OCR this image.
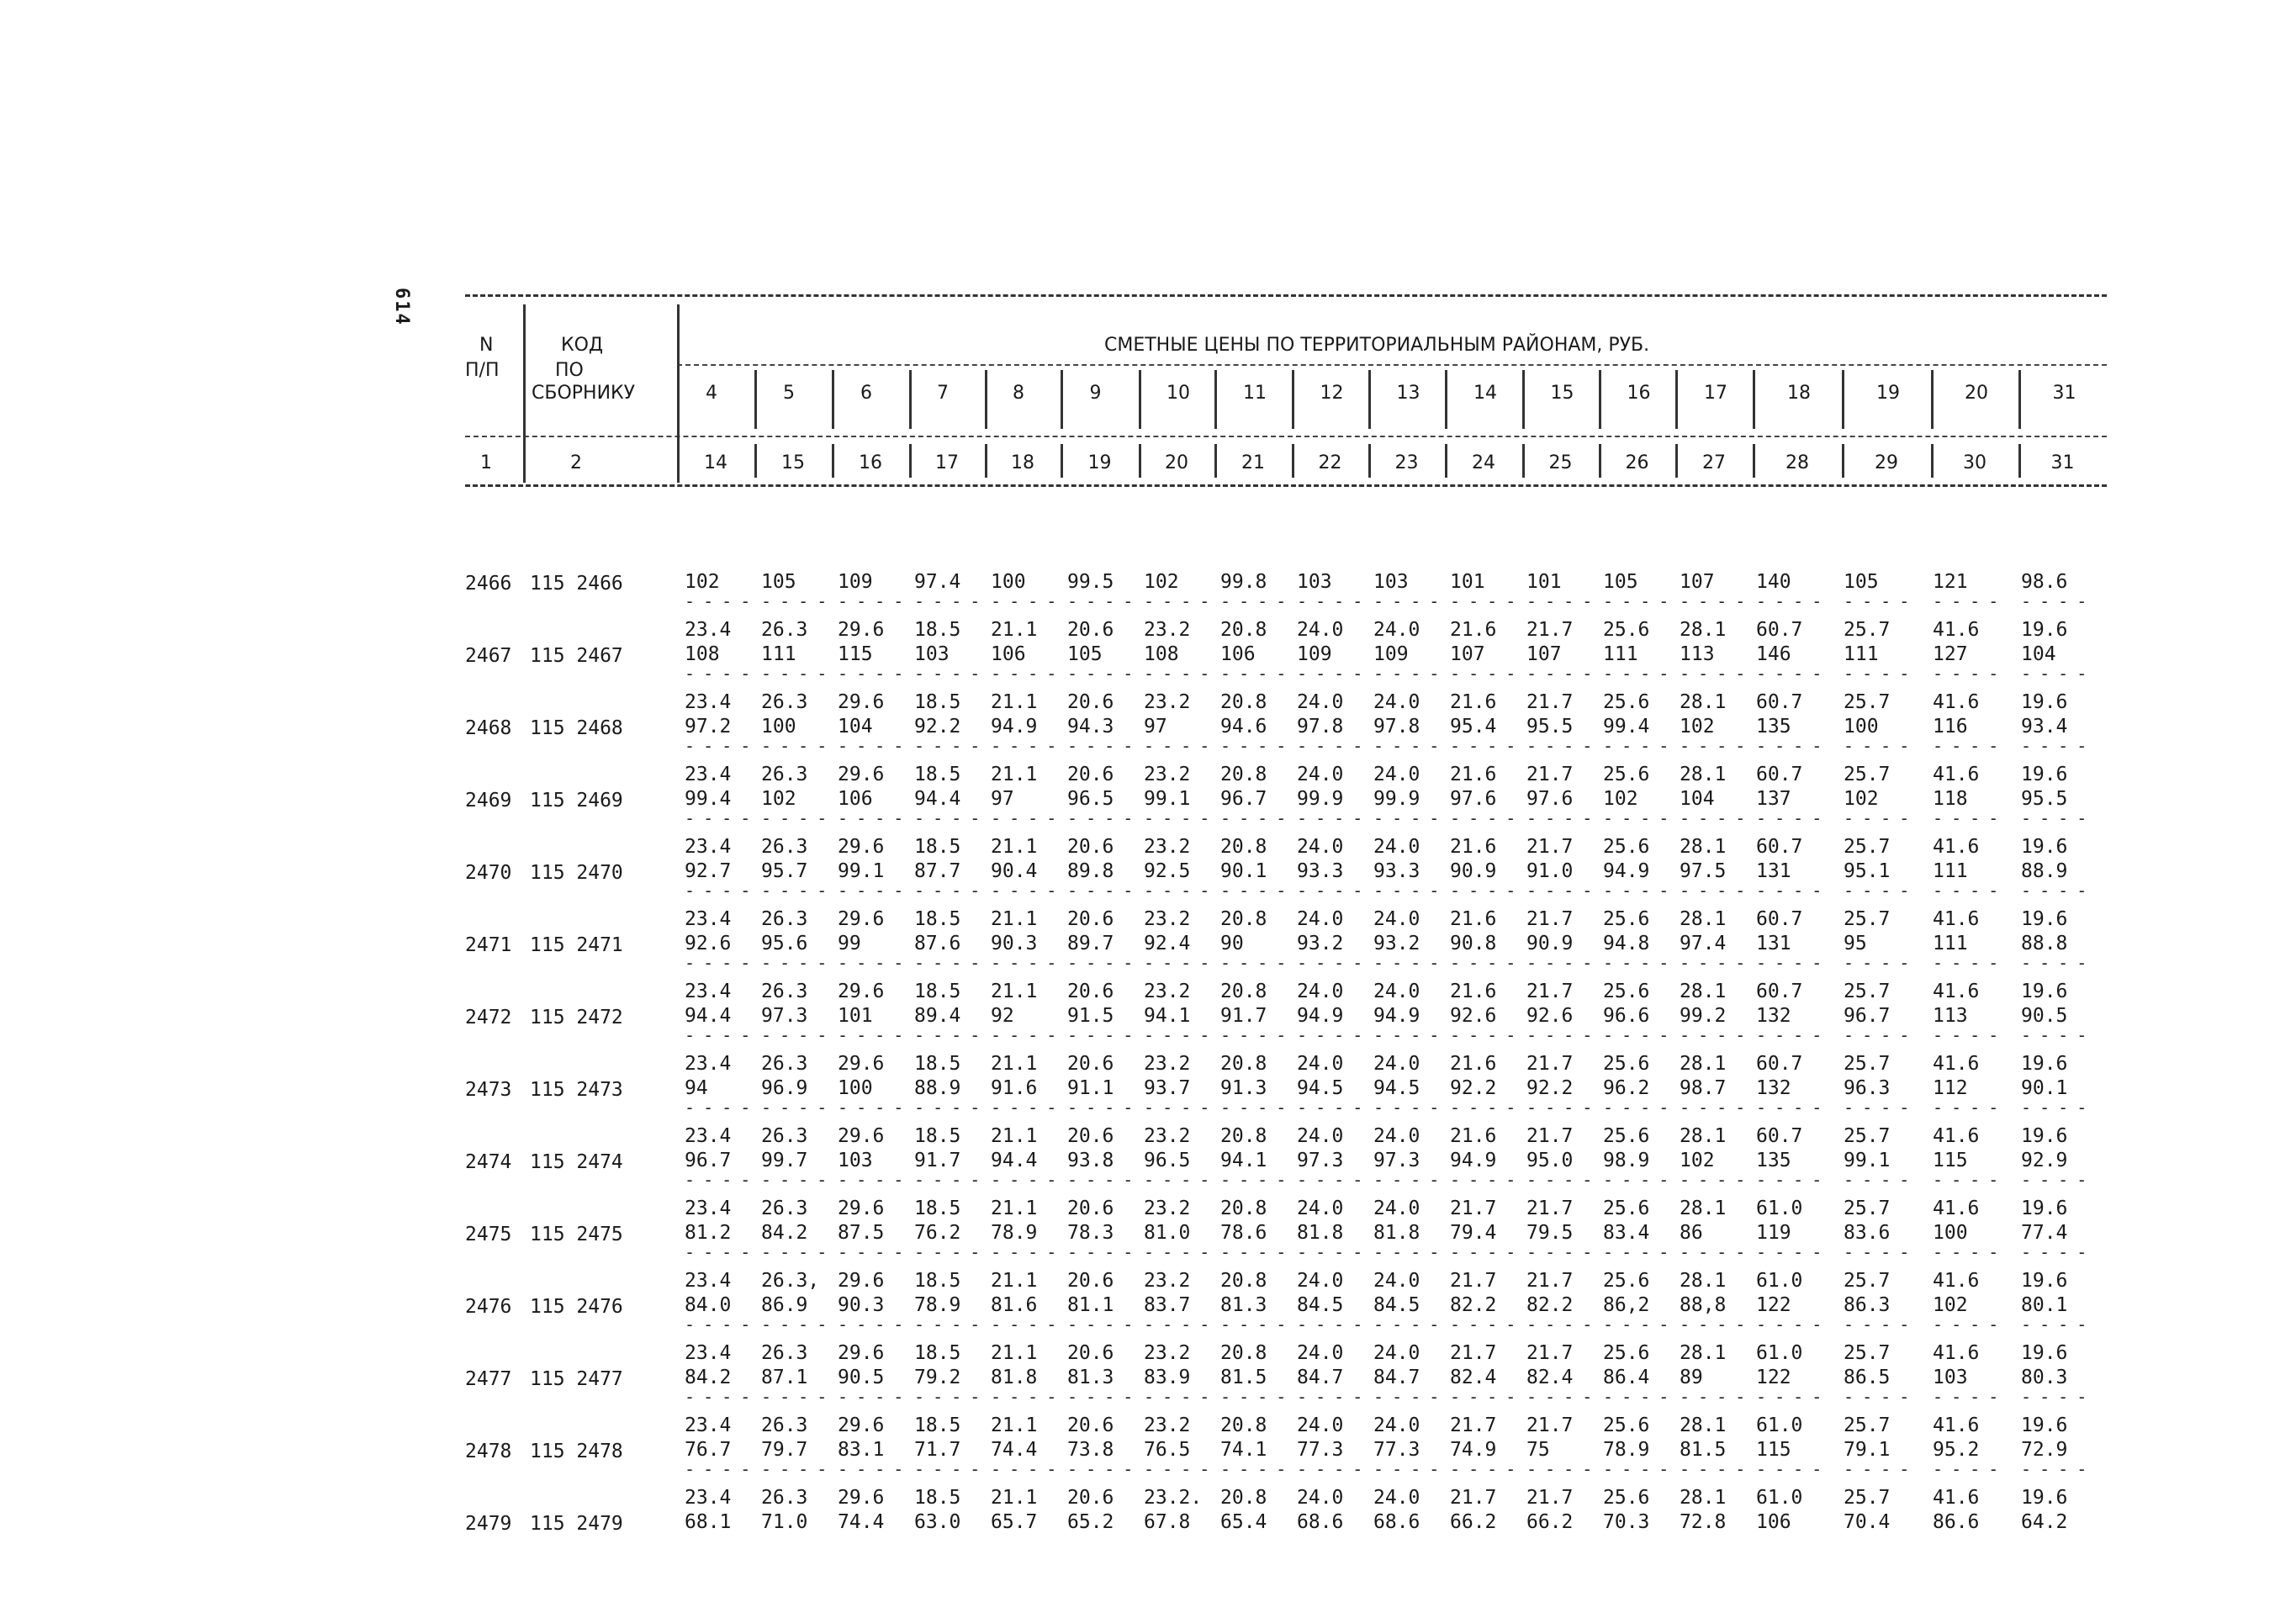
614
N
П/П
КОД
ПО
СБОРНИКУ
СМЕТНЫЕ ЦЕНЫ ПО ТЕРРИТОРИАЛЬНЫМ РАЙОНАМ, РУБ.
4	5	6	7	8	9	10	11	12	13	14	15	16	17	18	19	20	31
1	2	14	15	16	17	18	19	20	21	22	23	24	25	26	27	28	29	30	31
102 105 109 97.4 100 99.5 102 99.8 103 103 101 101 105 107 140	105	121	98.6
2466 115 2466
- - - - - - - - - - - - - - - - - - - - - - - - - - - - - - - - - - - - - - - - - - - - - - - - - - - - - - - - - - - - - - - - - - - - - - - -
23.4 26.3 29.6 18.5 21.1 20.6 23.2 20.8 24.0 24.0 21.6 21.7 25.6 28.1 60.7 25.7 41.6 19.6
108 111 115 103 106 105 108 106 109 109 107 107 111 113 146	111	127	104
2467 115 2467
- - - - - - - - - - - - - - - - - - - - - - - - - - - - - - - - - - - - - - - - - - - - - - - - - - - - - - - - - - - - - - - - - - - - - - - -
23.4 26.3 29.6 18.5 21.1 20.6 23.2 20.8 24.0 24.0 21.6 21.7 25.6 28.1 60.7 25.7 41.6 19.6
97.2 100 104 92.2 94.9 94.3 97	94.6 97.8 97.8 95.4 95.5 99.4 102 135	100	116	93.4
2468 115 2468
- - - - - - - - - - - - - - - - - - - - - - - - - - - - - - - - - - - - - - - - - - - - - - - - - - - - - - - - - - - - - - - - - - - - - - - -
23.4 26.3 29.6 18.5 21.1 20.6 23.2 20.8 24.0 24.0 21.6 21.7 25.6 28.1 60.7 25.7 41.6 19.6
99.4 102 106 94.4 97	96.5 99.1 96.7 99.9 99.9 97.6 97.6 102 104 137	102	118	95.5
2469 115 2469
- - - - - - - - - - - - - - - - - - - - - - - - - - - - - - - - - - - - - - - - - - - - - - - - - - - - - - - - - - - - - - - - - - - - - - - -
23.4 26.3 29.6 18.5 21.1 20.6 23.2 20.8 24.0 24.0 21.6 21.7 25.6 28.1 60.7 25.7 41.6 19.6
92.7 95.7 99.1 87.7 90.4 89.8 92.5 90.1 93.3 93.3 90.9 91.0 94.9 97.5 131	95.1 111	88.9
2470 115 2470
- - - - - - - - - - - - - - - - - - - - - - - - - - - - - - - - - - - - - - - - - - - - - - - - - - - - - - - - - - - - - - - - - - - - - - - -
23.4 26.3 29.6 18.5 21.1 20.6 23.2 20.8 24.0 24.0 21.6 21.7 25.6 28.1 60.7 25.7 41.6 19.6
92.6 95.6 99	87.6 90.3 89.7 92.4 90	93.2 93.2 90.8 90.9 94.8 97.4 131	95	111	88.8
2471 115 2471
- - - - - - - - - - - - - - - - - - - - - - - - - - - - - - - - - - - - - - - - - - - - - - - - - - - - - - - - - - - - - - - - - - - - - - - -
23.4 26.3 29.6 18.5 21.1 20.6 23.2 20.8 24.0 24.0 21.6 21.7 25.6 28.1 60.7 25.7 41.6 19.6
94.4 97.3 101 89.4 92	91.5 94.1 91.7 94.9 94.9 92.6 92.6 96.6 99.2 132	96.7 113	90.5
2472 115 2472
- - - - - - - - - - - - - - - - - - - - - - - - - - - - - - - - - - - - - - - - - - - - - - - - - - - - - - - - - - - - - - - - - - - - - - - -
23.4 26.3 29.6 18.5 21.1 20.6 23.2 20.8 24.0 24.0 21.6 21.7 25.6 28.1 60.7 25.7 41.6 19.6
94	96.9 100 88.9 91.6 91.1 93.7 91.3 94.5 94.5 92.2 92.2 96.2 98.7 132	96.3 112	90.1
2473 115 2473
- - - - - - - - - - - - - - - - - - - - - - - - - - - - - - - - - - - - - - - - - - - - - - - - - - - - - - - - - - - - - - - - - - - - - - - -
23.4 26.3 29.6 18.5 21.1 20.6 23.2 20.8 24.0 24.0 21.6 21.7 25.6 28.1 60.7 25.7 41.6 19.6
96.7 99.7 103 91.7 94.4 93.8 96.5 94.1 97.3 97.3 94.9 95.0 98.9 102 135	99.1 115	92.9
2474 115 2474
- - - - - - - - - - - - - - - - - - - - - - - - - - - - - - - - - - - - - - - - - - - - - - - - - - - - - - - - - - - - - - - - - - - - - - - -
23.4 26.3 29.6 18.5 21.1 20.6 23.2 20.8 24.0 24.0 21.7 21.7 25.6 28.1 61.0 25.7 41.6 19.6
81.2 84.2 87.5 76.2 78.9 78.3 81.0 78.6 81.8 81.8 79.4 79.5 83.4 86	119	83.6 100	77.4
2475 115 2475
- - - - - - - - - - - - - - - - - - - - - - - - - - - - - - - - - - - - - - - - - - - - - - - - - - - - - - - - - - - - - - - - - - - - - - - -
23.4 26.3, 29.6 18.5 21.1 20.6 23.2 20.8 24.0 24.0 21.7 21.7 25.6 28.1 61.0 25.7 41.6 19.6
84.0 86.9 90.3 78.9 81.6 81.1 83.7 81.3 84.5 84.5 82.2 82.2 86,2 88,8 122	86.3 102	80.1
2476 115 2476
- - - - - - - - - - - - - - - - - - - - - - - - - - - - - - - - - - - - - - - - - - - - - - - - - - - - - - - - - - - - - - - - - - - - - - - -
23.4 26.3 29.6 18.5 21.1 20.6 23.2 20.8 24.0 24.0 21.7 21.7 25.6 28.1 61.0 25.7 41.6 19.6
84.2 87.1 90.5 79.2 81.8 81.3 83.9 81.5 84.7 84.7 82.4 82.4 86.4 89	122	86.5 103	80.3
2477 115 2477
- - - - - - - - - - - - - - - - - - - - - - - - - - - - - - - - - - - - - - - - - - - - - - - - - - - - - - - - - - - - - - - - - - - - - - - -
23.4 26.3 29.6 18.5 21.1 20.6 23.2 20.8 24.0 24.0 21.7 21.7 25.6 28.1 61.0 25.7 41.6 19.6
76.7 79.7 83.1 71.7 74.4 73.8 76.5 74.1 77.3 77.3 74.9 75	78.9 81.5 115	79.1 95.2 72.9
2478 115 2478
- - - - - - - - - - - - - - - - - - - - - - - - - - - - - - - - - - - - - - - - - - - - - - - - - - - - - - - - - - - - - - - - - - - - - - - -
23.4 26.3 29.6 18.5 21.1 20.6 23.2. 20.8 24.0 24.0 21.7 21.7 25.6 28.1 61.0 25.7 41.6 19.6
68.1 71.0 74.4 63.0 65.7 65.2 67.8 65.4 68.6 68.6 66.2 66.2 70.3 72.8 106	70.4 86.6 64.2
2479 115 2479
